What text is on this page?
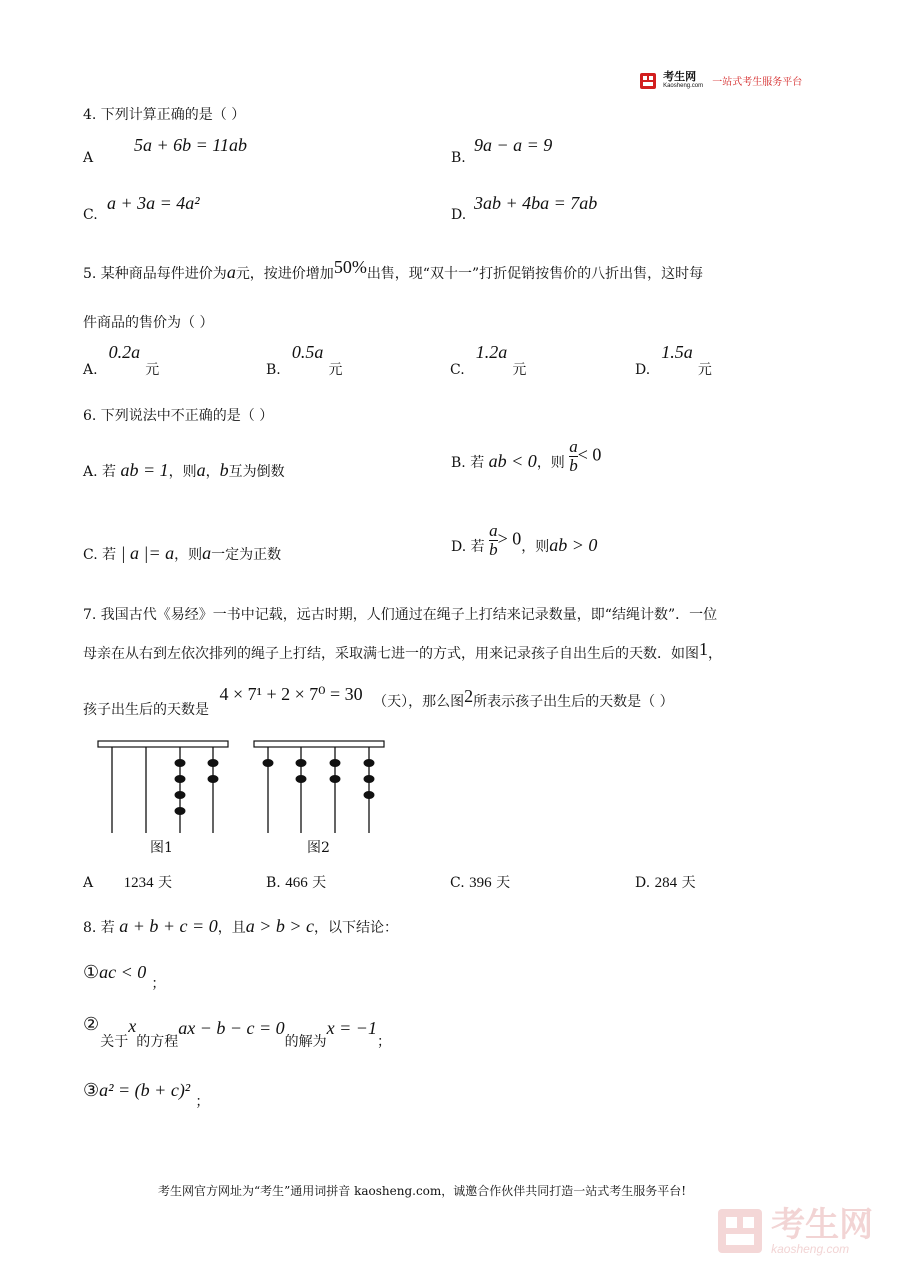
考生网
Kaosheng.com 一站式考生服务平台
4. 下列计算正确的是（ ）
A
5a + 6b = 11ab
B.
9a − a = 9
C.
a + 3a = 4a²
D.
3ab + 4ba = 7ab
5. 某种商品每件进价为a元，按进价增加50%出售，现“双十一”打折促销按售价的八折出售，这时每
件商品的售价为（ ）
A. 0.2a 元	B. 0.5a 元	C. 1.2a 元	D. 1.5a 元
6. 下列说法中不正确的是（ ）
A. 若 ab = 1，则a，b互为倒数
B. 若 ab < 0，则 $\frac{a}{b} < 0$
C. 若 | a |= a，则a一定为正数
D. 若 $\frac{a}{b} > 0$，则ab > 0
7. 我国古代《易经》一书中记载，远古时期，人们通过在绳子上打结来记录数量，即“结绳计数”．一位
母亲在从右到左依次排列的绳子上打结，采取满七进一的方式，用来记录孩子自出生后的天数．如图1，
孩子出生后的天数是 4 × 7¹ + 2 × 7⁰ = 30 （天），那么图2所表示孩子出生后的天数是（ ）
图1	图2
A 1234 天	B. 466 天	C. 396 天	D. 284 天
8. 若 a + b + c = 0，且a > b > c，以下结论：
①ac < 0 ；
② 关于x的方程ax − b − c = 0的解为x = −1；
③a² = (b + c)² ；
考生网官方网址为“考生”通用词拼音 kaosheng.com，诚邀合作伙伴共同打造一站式考生服务平台!

考生网
kaosheng.com
